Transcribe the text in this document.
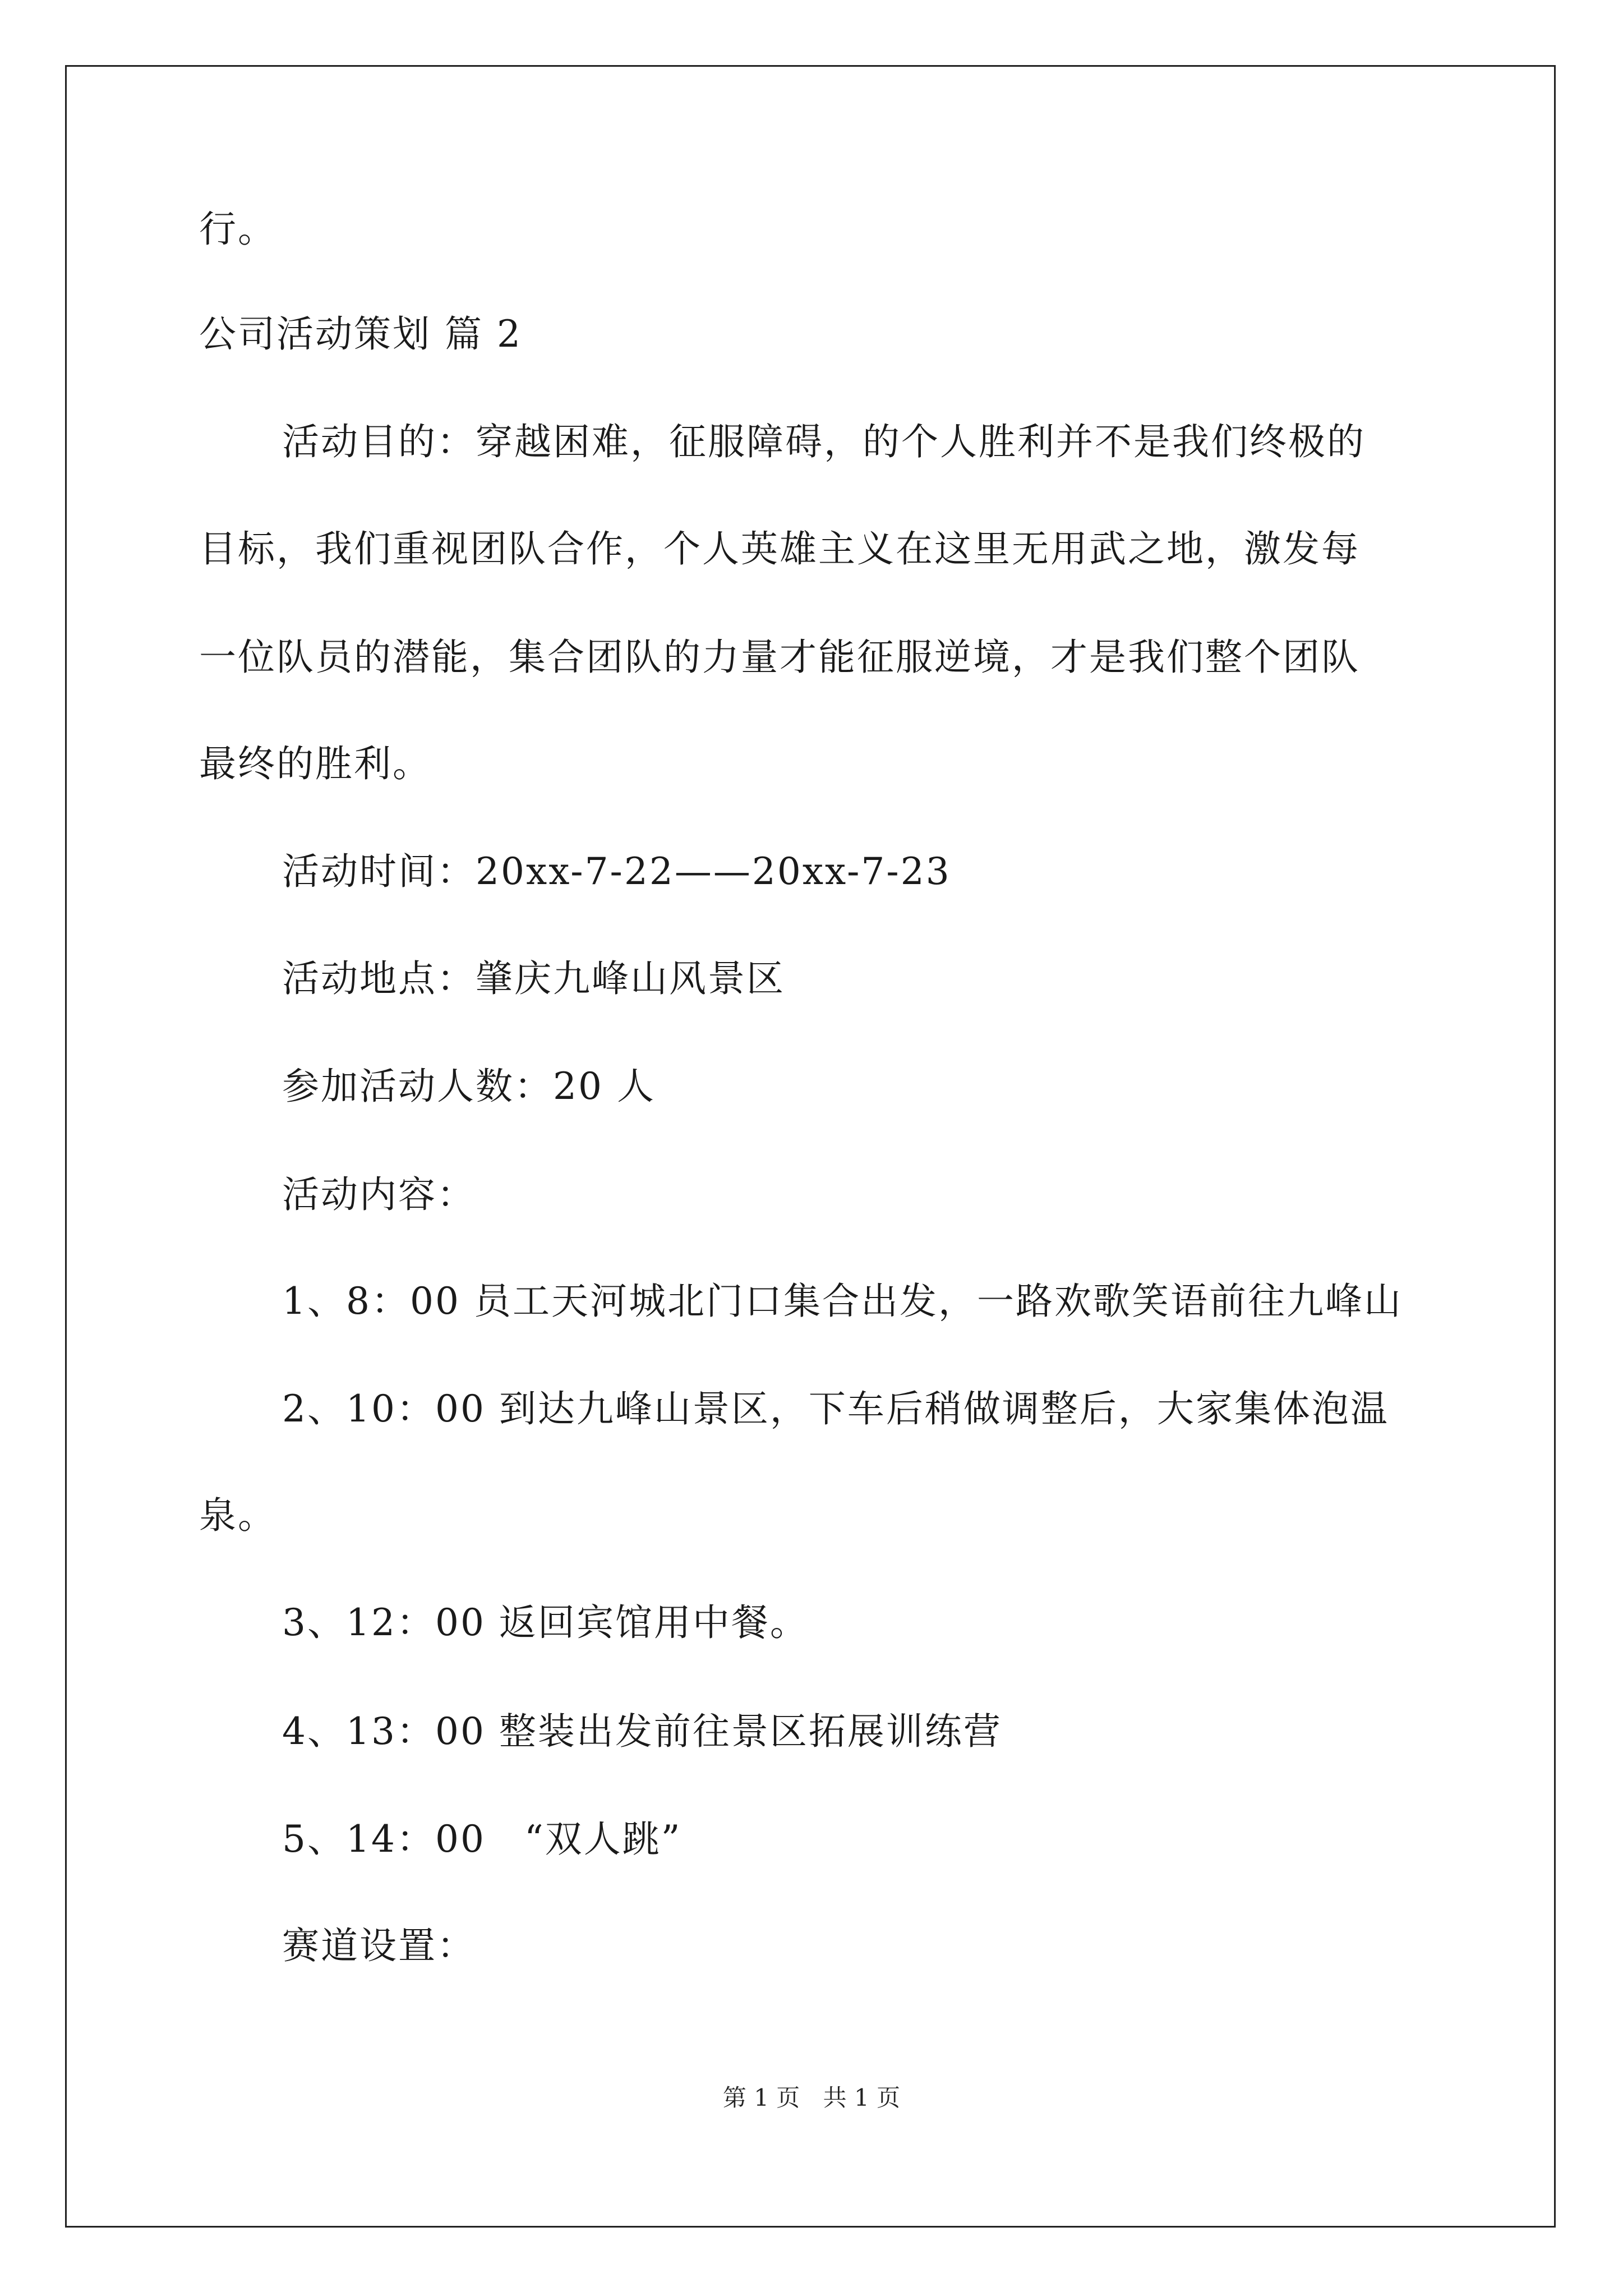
行。
公司活动策划 篇 2
活动目的：穿越困难，征服障碍，的个人胜利并不是我们终极的
目标，我们重视团队合作，个人英雄主义在这里无用武之地，激发每
一位队员的潜能，集合团队的力量才能征服逆境，才是我们整个团队
最终的胜利。
活动时间：20xx-7-22——20xx-7-23
活动地点：肇庆九峰山风景区
参加活动人数：20 人
活动内容：
1、8：00 员工天河城北门口集合出发，一路欢歌笑语前往九峰山
2、10：00 到达九峰山景区，下车后稍做调整后，大家集体泡温
泉。
3、12：00 返回宾馆用中餐。
4、13：00 整装出发前往景区拓展训练营
5、14：00　“双人跳”
赛道设置：
第 1 页 共 1 页
